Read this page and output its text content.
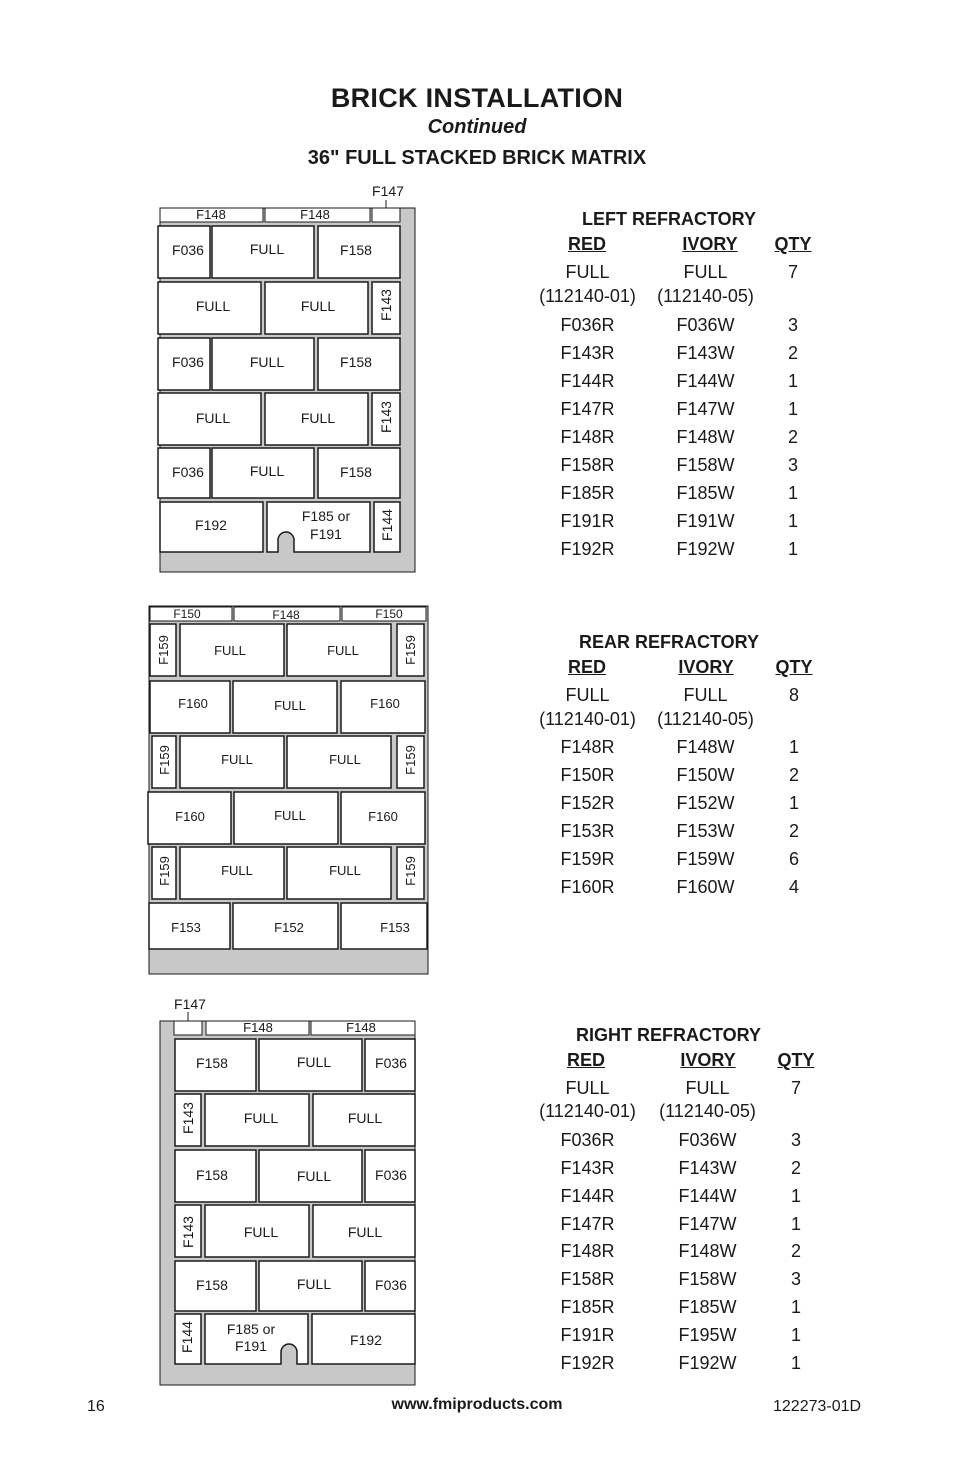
BRICK INSTALLATION
Continued
36" FULL STACKED BRICK MATRIX
F147
F148	F148
F036	FULL	F158
FULL	FULL	F143
F036	FULL	F158
FULL	FULL	F143
F036	FULL	F158
F192
F185 or
F191	F144
F150	F148	F150
F159	FULL	FULL	F159
F160	FULL	F160
F159	FULL	FULL	F159
F160	FULL	F160
F159	FULL	FULL	F159
F153	F152	F153
F147
F148	F148
F158	FULL	F036
F143	FULL	FULL
F158	FULL	F036
F143	FULL	FULL
F158	FULL	F036
F144 F185 or
F191	F192
LEFT REFRACTORY
RED	IVORY	QTY
FULL	FULL	7
(112140-01)	(112140-05)
F036R	F036W	3
F143R	F143W	2
F144R	F144W	1
F147R	F147W	1
F148R	F148W	2
F158R	F158W	3
F185R	F185W	1
F191R	F191W	1
F192R	F192W	1
REAR REFRACTORY
RED	IVORY	QTY
FULL	FULL	8
(112140-01)	(112140-05)
F148R	F148W	1
F150R	F150W	2
F152R	F152W	1
F153R	F153W	2
F159R	F159W	6
F160R	F160W	4
RIGHT REFRACTORY
RED	IVORY	QTY
FULL	FULL	7
(112140-01)	(112140-05)
F036R	F036W	3
F143R	F143W	2
F144R	F144W	1
F147R	F147W	1
F148R	F148W	2
F158R	F158W	3
F185R	F185W	1
F191R	F195W	1
F192R	F192W	1
16	www.fmiproducts.com	122273-01D
